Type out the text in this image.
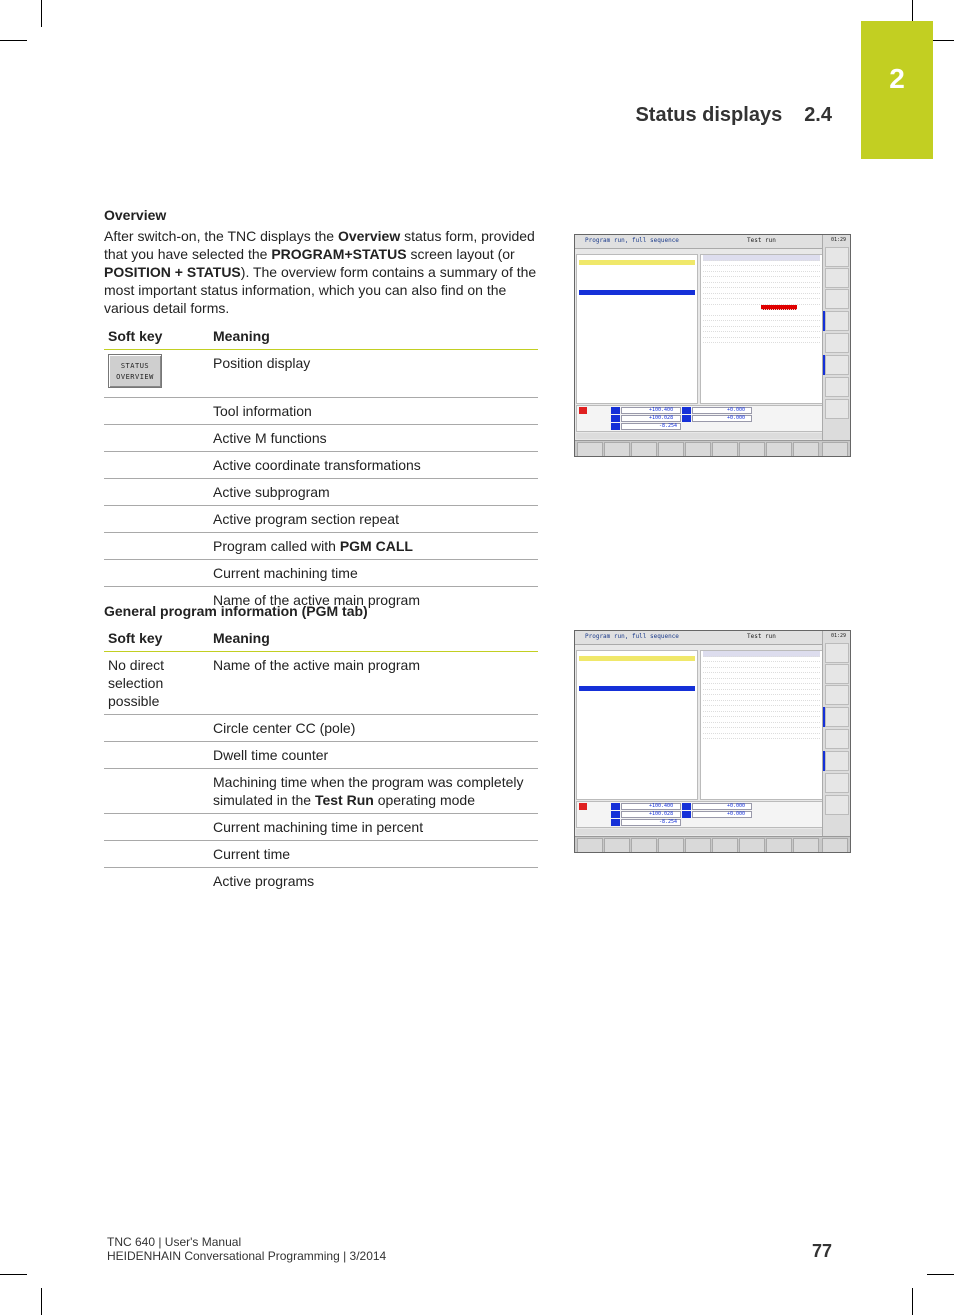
2
Status displays 2.4
Overview

After switch-on, the TNC displays the Overview status form, provided that you have selected the PROGRAM+STATUS screen layout (or POSITION + STATUS). The overview form contains a summary of the most important status information, which you can also find on the various detail forms.

Soft key	Meaning

STATUS
OVERVIEW	Position display
	Tool information
	Active M functions
	Active coordinate transformations
	Active subprogram
	Active program section repeat
	Program called with PGM CALL
	Current machining time
	Name of the active main program
General program information (PGM tab)
Soft key	Meaning
No direct selection possible	Name of the active main program
	Circle center CC (pole)
	Dwell time counter
	Machining time when the program was completely simulated in the Test Run operating mode
	Current machining time in percent
	Current time
	Active programs
Program run, full sequence	Test run
+100.400
+100.028
-8.254
+0.000
+0.000
01:29
Program run, full sequence	Test run
+100.400
+100.028
-8.254
+0.000
+0.000
01:29
TNC 640 | User's Manual
HEIDENHAIN Conversational Programming | 3/2014	77
